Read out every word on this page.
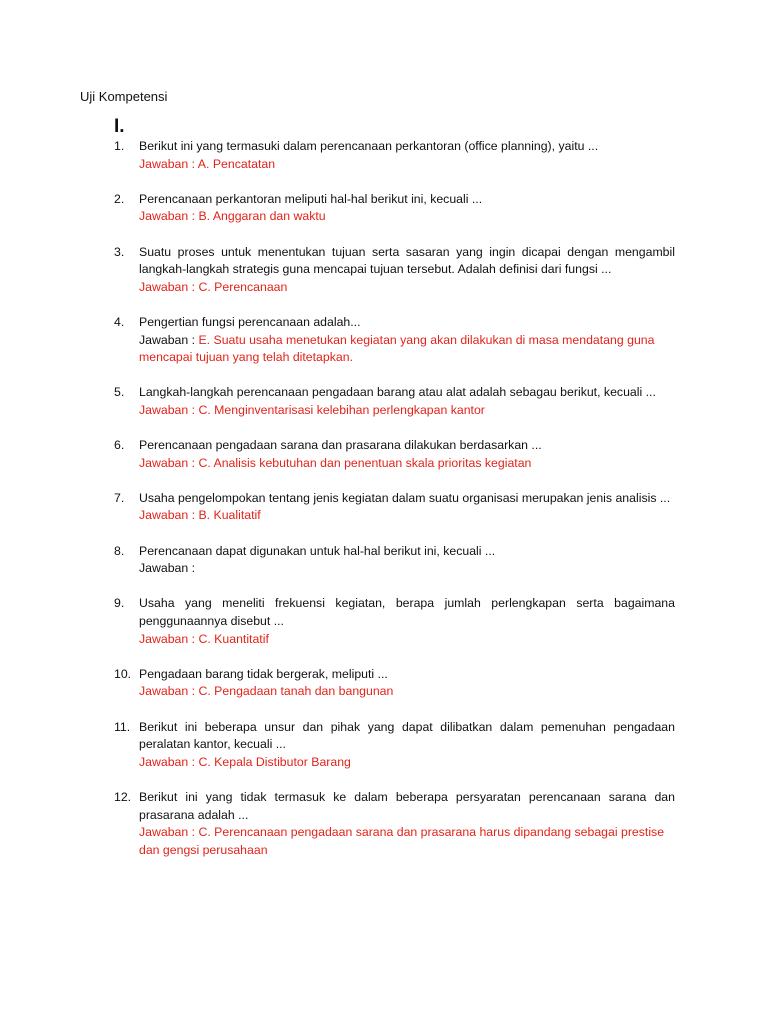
Uji Kompetensi
I.
1.	Berikut ini yang termasuki dalam perencanaan perkantoran (office planning), yaitu ...
Jawaban : A. Pencatatan
2.	Perencanaan perkantoran meliputi hal-hal berikut ini, kecuali ...
Jawaban : B. Anggaran dan waktu
3.	Suatu proses untuk menentukan tujuan serta sasaran yang ingin dicapai dengan mengambil langkah-langkah strategis guna mencapai tujuan tersebut. Adalah definisi dari fungsi ...
Jawaban : C. Perencanaan
4.	Pengertian fungsi perencanaan adalah...
Jawaban : E. Suatu usaha menetukan kegiatan yang akan dilakukan di masa mendatang guna mencapai tujuan yang telah ditetapkan.
5.	Langkah-langkah perencanaan pengadaan barang atau alat adalah sebagau berikut, kecuali ...
Jawaban : C. Menginventarisasi kelebihan perlengkapan kantor
6.	Perencanaan pengadaan sarana dan prasarana dilakukan berdasarkan ...
Jawaban : C. Analisis kebutuhan dan penentuan skala prioritas kegiatan
7.	Usaha pengelompokan tentang jenis kegiatan dalam suatu organisasi merupakan jenis analisis ...
Jawaban : B. Kualitatif
8.	Perencanaan dapat digunakan untuk hal-hal berikut ini, kecuali ...
Jawaban :
9.	Usaha yang meneliti frekuensi kegiatan, berapa jumlah perlengkapan serta bagaimana penggunaannya disebut ...
Jawaban : C. Kuantitatif
10. Pengadaan barang tidak bergerak, meliputi ...
Jawaban : C. Pengadaan tanah dan bangunan
11. Berikut ini beberapa unsur dan pihak yang dapat dilibatkan dalam pemenuhan pengadaan peralatan kantor, kecuali ...
Jawaban : C. Kepala Distibutor Barang
12. Berikut ini yang tidak termasuk ke dalam beberapa persyaratan perencanaan sarana dan prasarana adalah ...
Jawaban : C. Perencanaan pengadaan sarana dan prasarana harus dipandang sebagai prestise dan gengsi perusahaan
